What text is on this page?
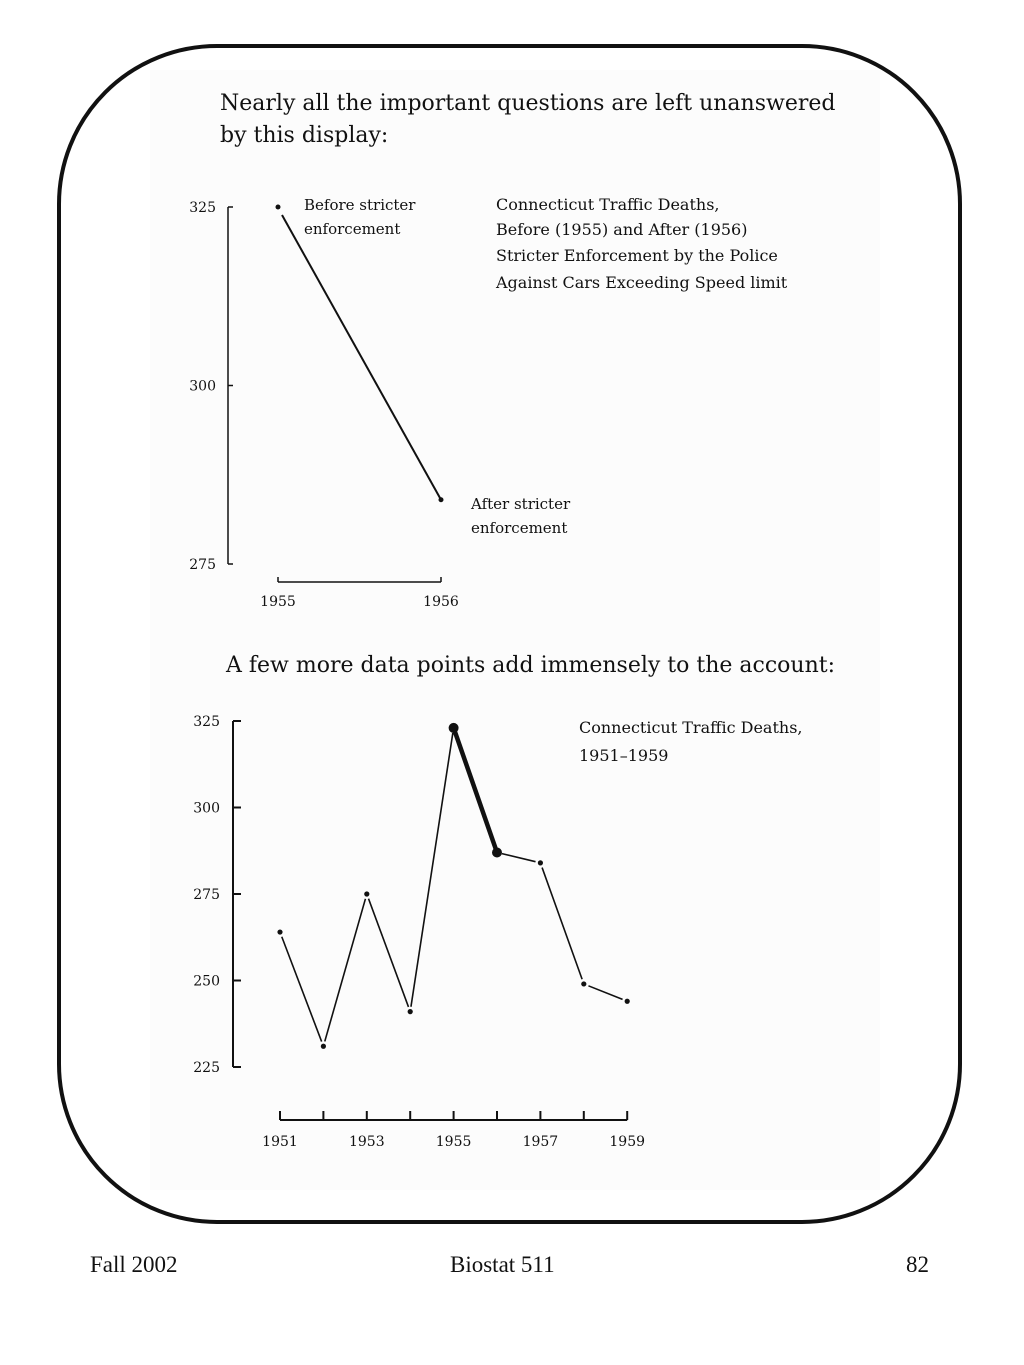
Nearly all the important questions are left unanswered by this display:

A few more data points add immensely to the account:

325
300
275
1955	1956
Connecticut Traffic Deaths,
Before (1955) and After (1956)
Stricter Enforcement by the Police
Against Cars Exceeding Speed limit
Before stricter
enforcement
After stricter
enforcement
325
300
275
250
225
1951	1953	1955	1957	1959
Connecticut Traffic Deaths,
1951–1959
Fall 2002	Biostat 511	82
